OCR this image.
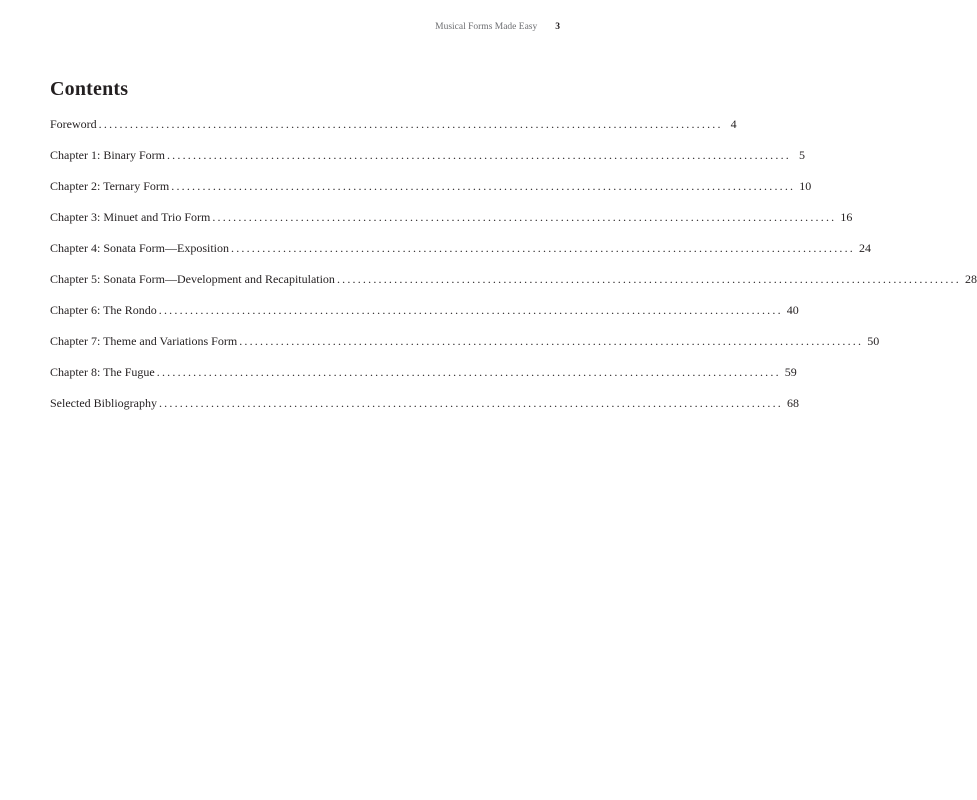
Musical Forms Made Easy 3
Contents
Foreword ........................................................................................................................ 4
Chapter 1: Binary Form ........................................................................................................................ 5
Chapter 2: Ternary Form ........................................................................................................................ 10
Chapter 3: Minuet and Trio Form ........................................................................................................................ 16
Chapter 4: Sonata Form—Exposition ........................................................................................................................ 24
Chapter 5: Sonata Form—Development and Recapitulation ........................................................................................................................ 28
Chapter 6: The Rondo ........................................................................................................................ 40
Chapter 7: Theme and Variations Form ........................................................................................................................ 50
Chapter 8: The Fugue ........................................................................................................................ 59
Selected Bibliography ........................................................................................................................ 68
